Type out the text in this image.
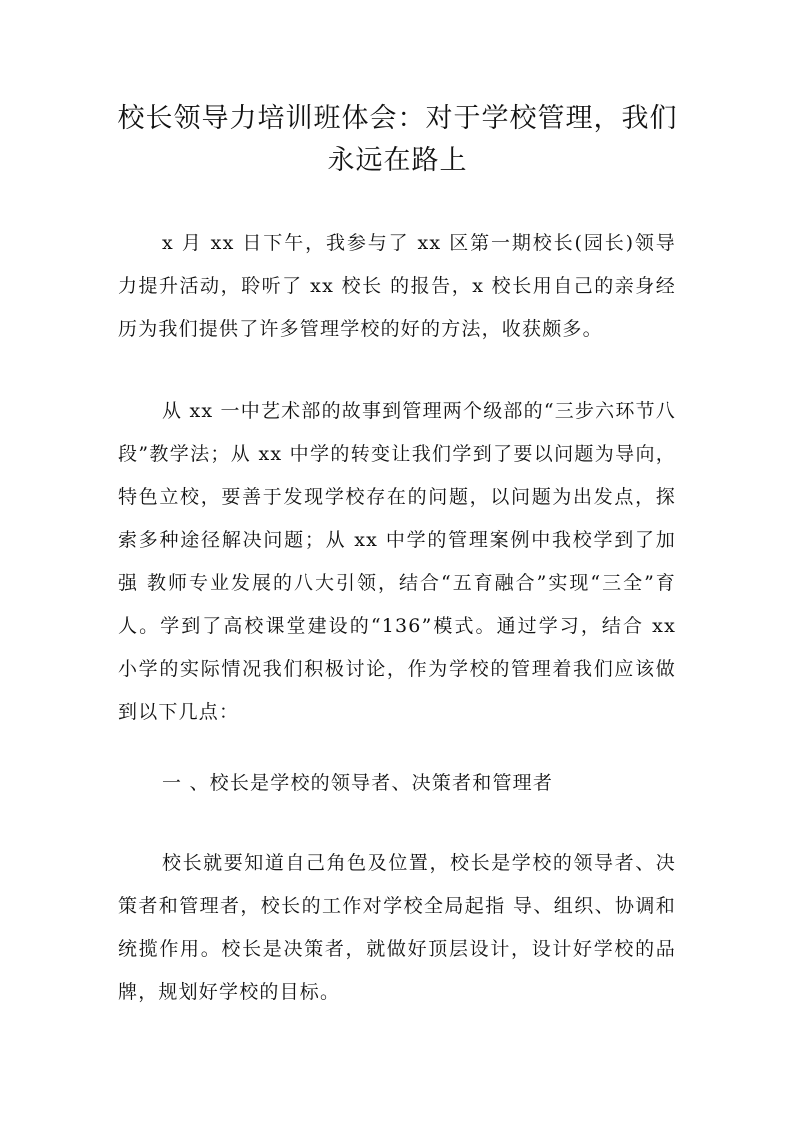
校长领导力培训班体会：对于学校管理，我们永远在路上

x 月 xx 日下午，我参与了 xx 区第一期校长(园长)领导力提升活动，聆听了 xx 校长 的报告，x 校长用自己的亲身经历为我们提供了许多管理学校的好的方法，收获颇多。

从 xx 一中艺术部的故事到管理两个级部的“三步六环节八段”教学法；从 xx 中学的转变让我们学到了要以问题为导向，特色立校，要善于发现学校存在的问题，以问题为出发点，探索多种途径解决问题；从 xx 中学的管理案例中我校学到了加强 教师专业发展的八大引领，结合“五育融合”实现“三全”育人。学到了高校课堂建设的“136”模式。通过学习，结合 xx 小学的实际情况我们积极讨论，作为学校的管理着我们应该做到以下几点：

一 、校长是学校的领导者、决策者和管理者

校长就要知道自己角色及位置，校长是学校的领导者、决策者和管理者，校长的工作对学校全局起指 导、组织、协调和统揽作用。校长是决策者，就做好顶层设计，设计好学校的品牌，规划好学校的目标。
